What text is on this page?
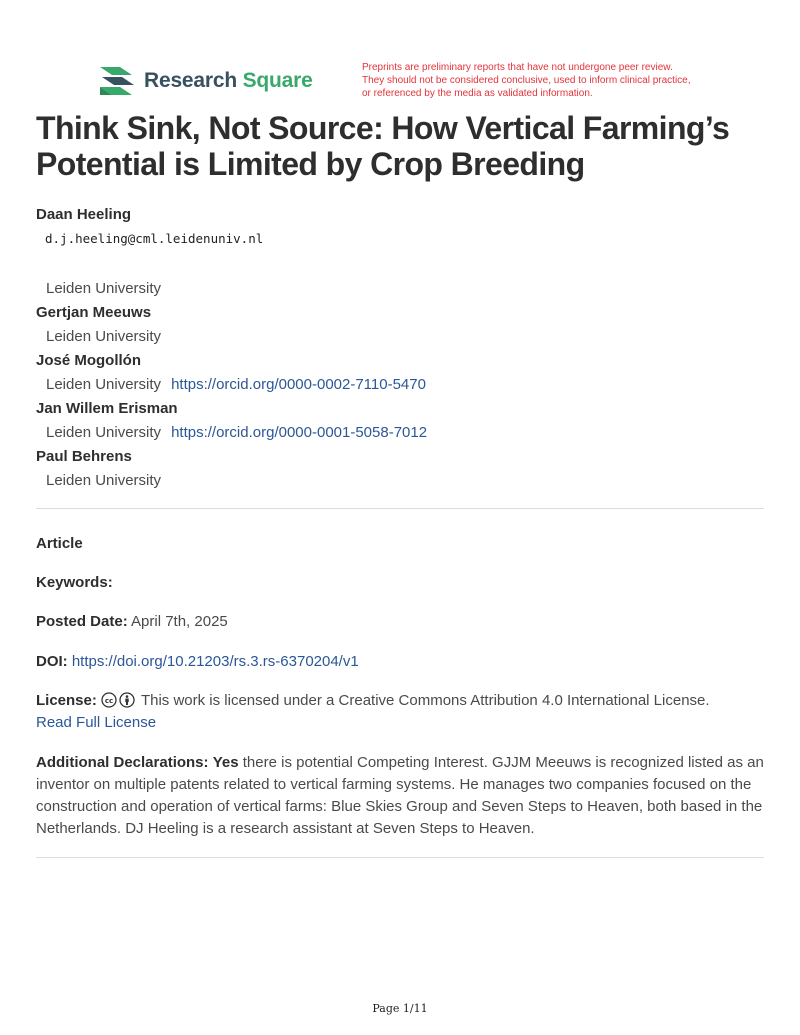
Research Square
Preprints are preliminary reports that have not undergone peer review.
They should not be considered conclusive, used to inform clinical practice,
or referenced by the media as validated information.
Think Sink, Not Source: How Vertical Farming’s
Potential is Limited by Crop Breeding
Daan Heeling
d.j.heeling@cml.leidenuniv.nl
Leiden University
Gertjan Meeuws
Leiden University
José Mogollón
Leiden University https://orcid.org/0000-0002-7110-5470
Jan Willem Erisman
Leiden University https://orcid.org/0000-0001-5058-7012
Paul Behrens
Leiden University
Article
Keywords:
Posted Date: April 7th, 2025
DOI: https://doi.org/10.21203/rs.3.rs-6370204/v1
License: cc This work is licensed under a Creative Commons Attribution 4.0 International License.
Read Full License
Additional Declarations: Yes there is potential Competing Interest. GJJM Meeuws is recognized listed as an inventor on multiple patents related to vertical farming systems. He manages two companies focused on the construction and operation of vertical farms: Blue Skies Group and Seven Steps to Heaven, both based in the Netherlands. DJ Heeling is a research assistant at Seven Steps to Heaven.
Page 1/11
